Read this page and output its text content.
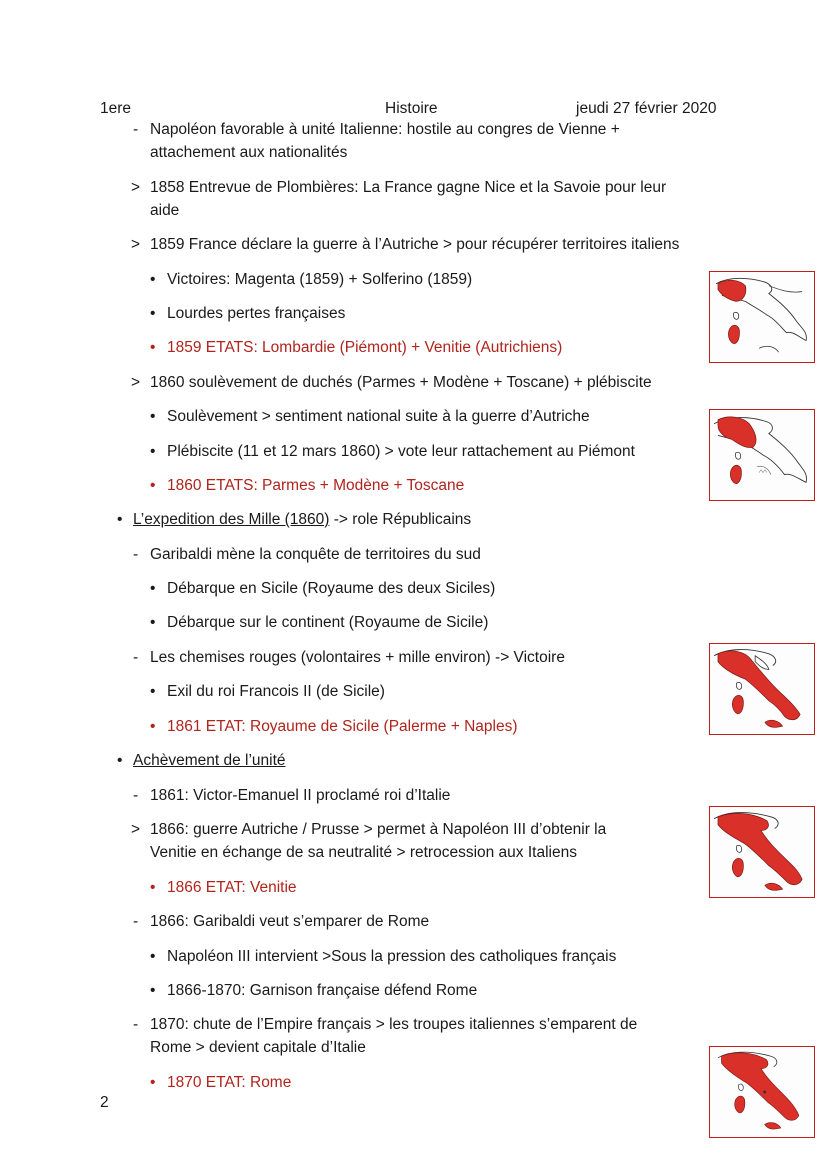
1ere	Histoire	jeudi 27 février 2020
-
>
>
•
•
•
>
•
•
•
•
-
•
•
-
•
•
•
-
>
•
-
•
•
-
•
Napoléon favorable à unité Italienne: hostile au congres de Vienne +
attachement aux nationalités
1858 Entrevue de Plombières: La France gagne Nice et la Savoie pour leur
aide
1859 France déclare la guerre à l’Autriche > pour récupérer territoires italiens
Victoires: Magenta (1859) + Solferino (1859)
Lourdes pertes françaises
1859 ETATS: Lombardie (Piémont) + Venitie (Autrichiens)
1860 soulèvement de duchés (Parmes + Modène + Toscane) + plébiscite
Soulèvement > sentiment national suite à la guerre d’Autriche
Plébiscite (11 et 12 mars 1860) > vote leur rattachement au Piémont
1860 ETATS: Parmes + Modène + Toscane
L’expedition des Mille (1860) -> role Républicains
Garibaldi mène la conquête de territoires du sud
Débarque en Sicile (Royaume des deux Siciles)
Débarque sur le continent (Royaume de Sicile)
Les chemises rouges (volontaires + mille environ) -> Victoire
Exil du roi Francois II (de Sicile)
1861 ETAT: Royaume de Sicile (Palerme + Naples)
Achèvement de l’unité
1861: Victor-Emanuel II proclamé roi d’Italie
1866: guerre Autriche / Prusse > permet à Napoléon III d’obtenir la
Venitie en échange de sa neutralité > retrocession aux Italiens
1866 ETAT: Venitie
1866: Garibaldi veut s’emparer de Rome
Napoléon III intervient >Sous la pression des catholiques français
1866-1870: Garnison française défend Rome
1870: chute de l’Empire français > les troupes italiennes s’emparent de
Rome > devient capitale d’Italie
1870 ETAT: Rome
2
